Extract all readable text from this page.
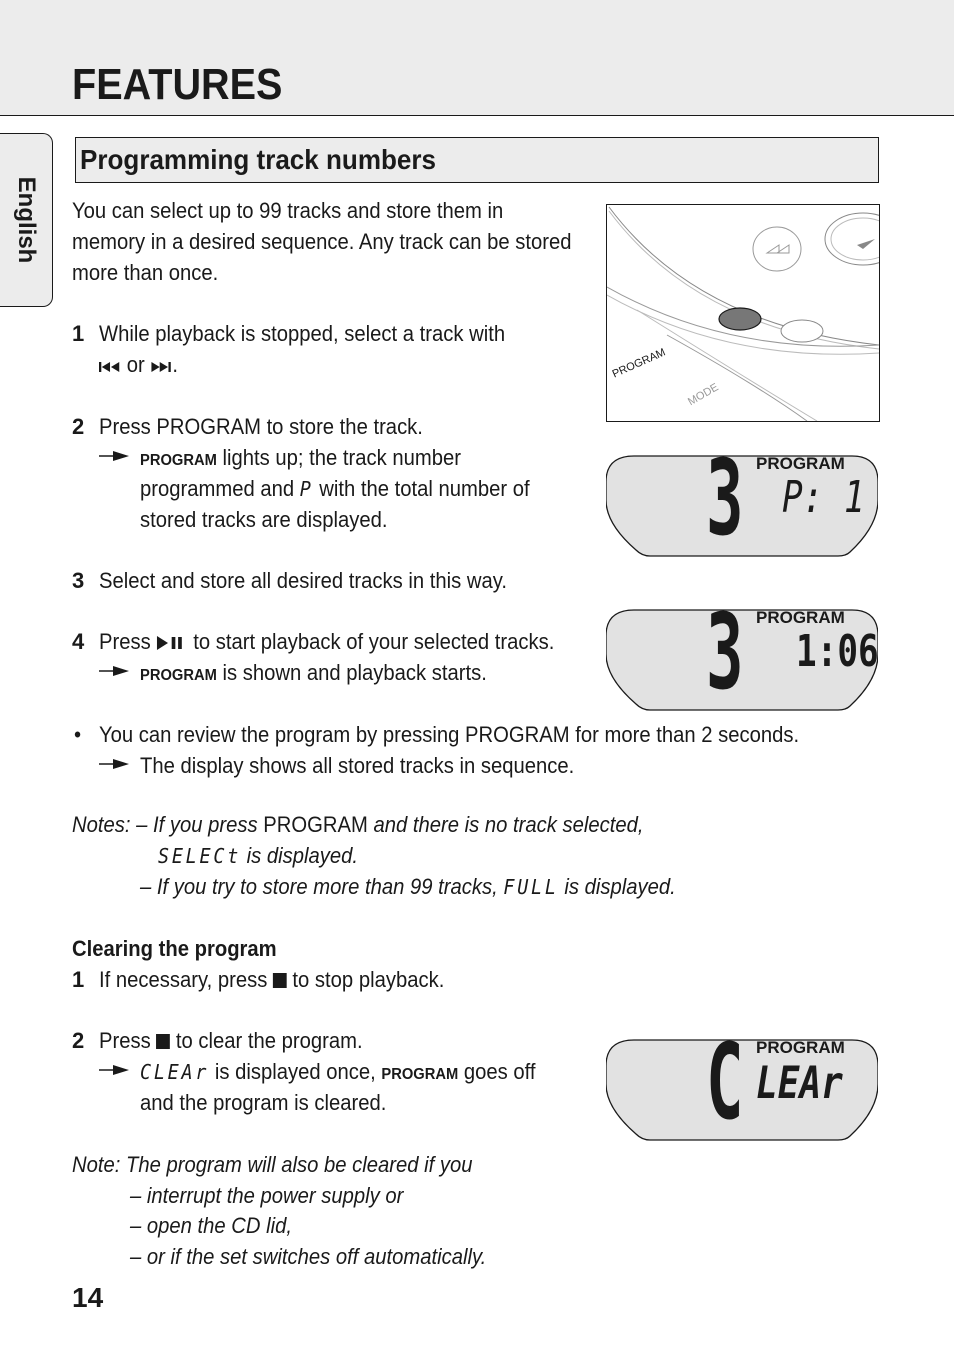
FEATURES
English
Programming track numbers
You can select up to 99 tracks and store them in
memory in a desired sequence. Any track can be stored
more than once.
1 While playback is stopped, select a track with
or .
2 Press PROGRAM to store the track.
PROGRAM lights up; the track number
programmed and P with the total number of
stored tracks are displayed.
3 Select and store all desired tracks in this way.
4 Press to start playback of your selected tracks.
PROGRAM is shown and playback starts.
• You can review the program by pressing PROGRAM for more than 2 seconds.
The display shows all stored tracks in sequence.
Notes: – If you press PROGRAM and there is no track selected,
SELECt is displayed.
– If you try to store more than 99 tracks, FULL is displayed.
Clearing the program
1 If necessary, press to stop playback.
2 Press to clear the program.
CLEAr is displayed once, PROGRAM goes off
and the program is cleared.
Note: The program will also be cleared if you
– interrupt the power supply or
– open the CD lid,
– or if the set switches off automatically.
14
PROGRAM
MODE
3 PROGRAM
P: 1
3 PROGRAM
1:06
C PROGRAM
LEAr
